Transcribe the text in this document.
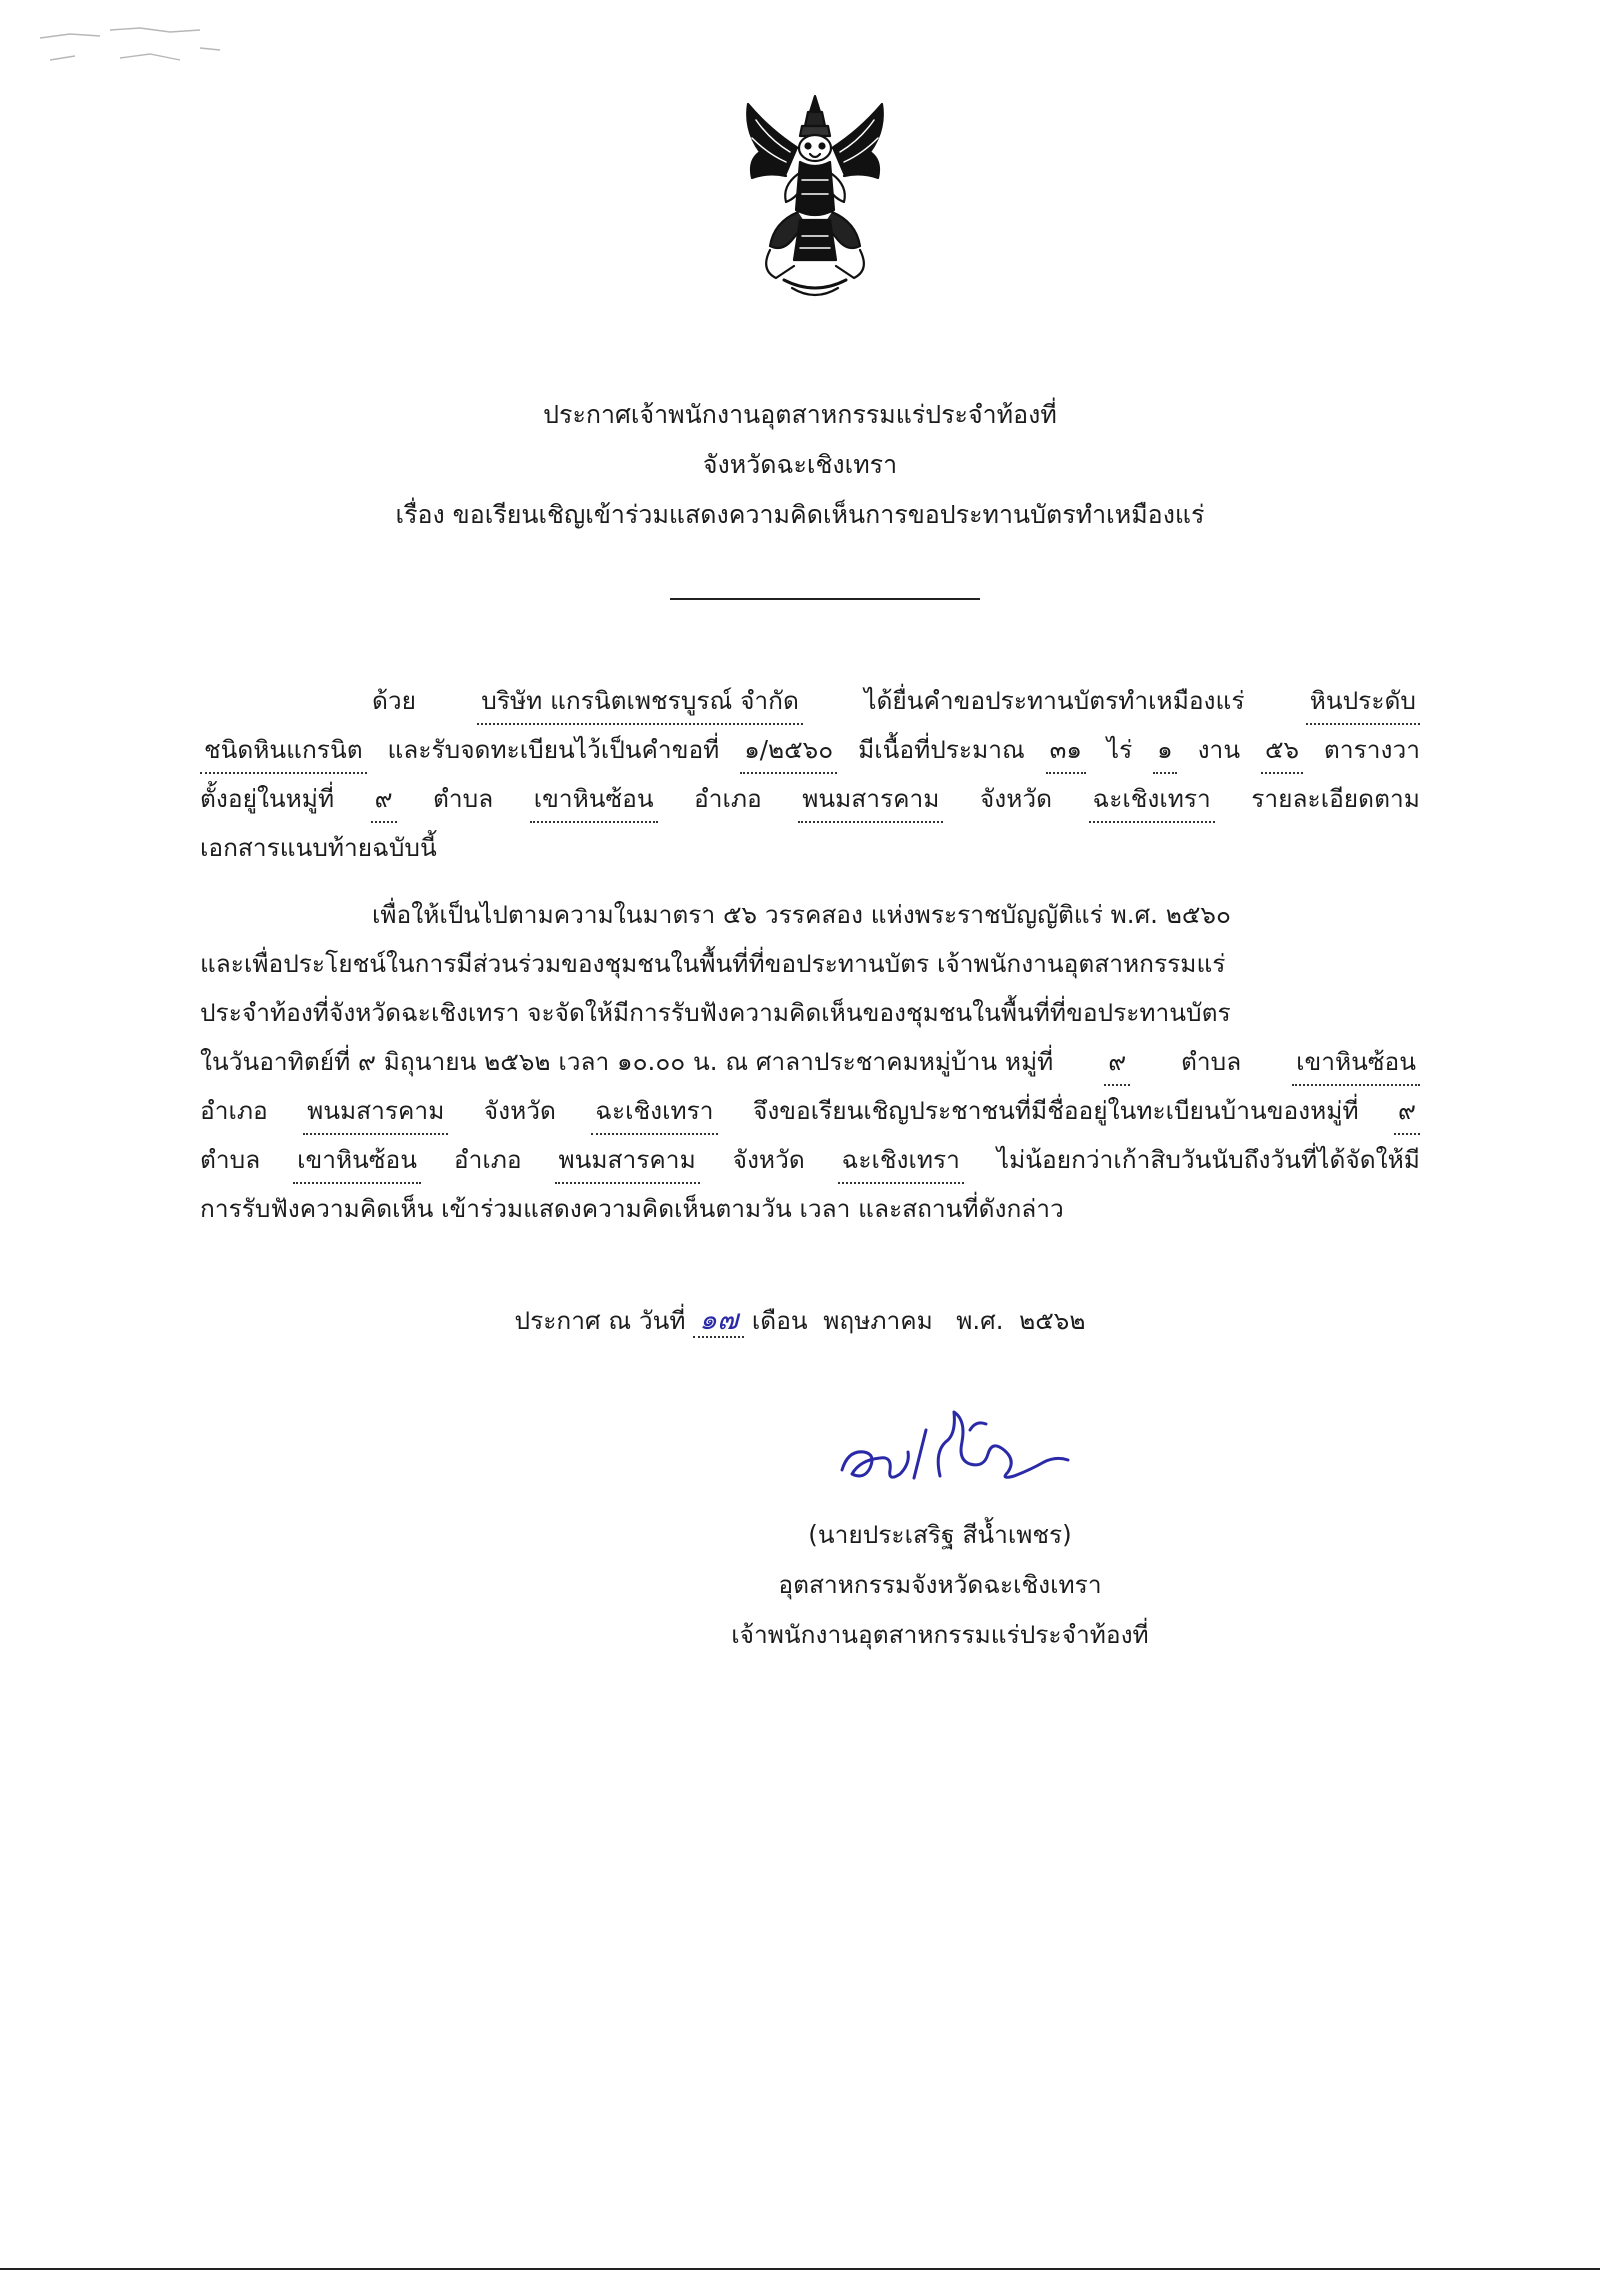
ประกาศเจ้าพนักงานอุตสาหกรรมแร่ประจำท้องที่
จังหวัดฉะเชิงเทรา
เรื่อง ขอเรียนเชิญเข้าร่วมแสดงความคิดเห็นการขอประทานบัตรทำเหมืองแร่
ด้วย	บริษัท แกรนิตเพชรบูรณ์ จำกัด	ได้ยื่นคำขอประทานบัตรทำเหมืองแร่	หินประดับ
ชนิดหินแกรนิต และรับจดทะเบียนไว้เป็นคำขอที่ ๑/๒๕๖๐ มีเนื้อที่ประมาณ ๓๑ ไร่ ๑ งาน ๕๖ ตารางวา
ตั้งอยู่ในหมู่ที่ ๙ ตำบล เขาหินซ้อน อำเภอ พนมสารคาม จังหวัด ฉะเชิงเทรา รายละเอียดตาม
เอกสารแนบท้ายฉบับนี้
เพื่อให้เป็นไปตามความในมาตรา ๕๖ วรรคสอง แห่งพระราชบัญญัติแร่ พ.ศ. ๒๕๖๐
และเพื่อประโยชน์ในการมีส่วนร่วมของชุมชนในพื้นที่ที่ขอประทานบัตร เจ้าพนักงานอุตสาหกรรมแร่
ประจำท้องที่จังหวัดฉะเชิงเทรา จะจัดให้มีการรับฟังความคิดเห็นของชุมชนในพื้นที่ที่ขอประทานบัตร
ในวันอาทิตย์ที่ ๙ มิถุนายน ๒๕๖๒ เวลา ๑๐.๐๐ น. ณ ศาลาประชาคมหมู่บ้าน หมู่ที่ ๙ ตำบล เขาหินซ้อน
อำเภอ พนมสารคาม จังหวัด ฉะเชิงเทรา จึงขอเรียนเชิญประชาชนที่มีชื่ออยู่ในทะเบียนบ้านของหมู่ที่ ๙
ตำบล เขาหินซ้อน อำเภอ พนมสารคาม จังหวัด ฉะเชิงเทรา ไม่น้อยกว่าเก้าสิบวันนับถึงวันที่ได้จัดให้มี
การรับฟังความคิดเห็น เข้าร่วมแสดงความคิดเห็นตามวัน เวลา และสถานที่ดังกล่าว
ประกาศ ณ วันที่ ๑๗ เดือน พฤษภาคม พ.ศ. ๒๕๖๒
(นายประเสริฐ สีน้ำเพชร)
อุตสาหกรรมจังหวัดฉะเชิงเทรา
เจ้าพนักงานอุตสาหกรรมแร่ประจำท้องที่
